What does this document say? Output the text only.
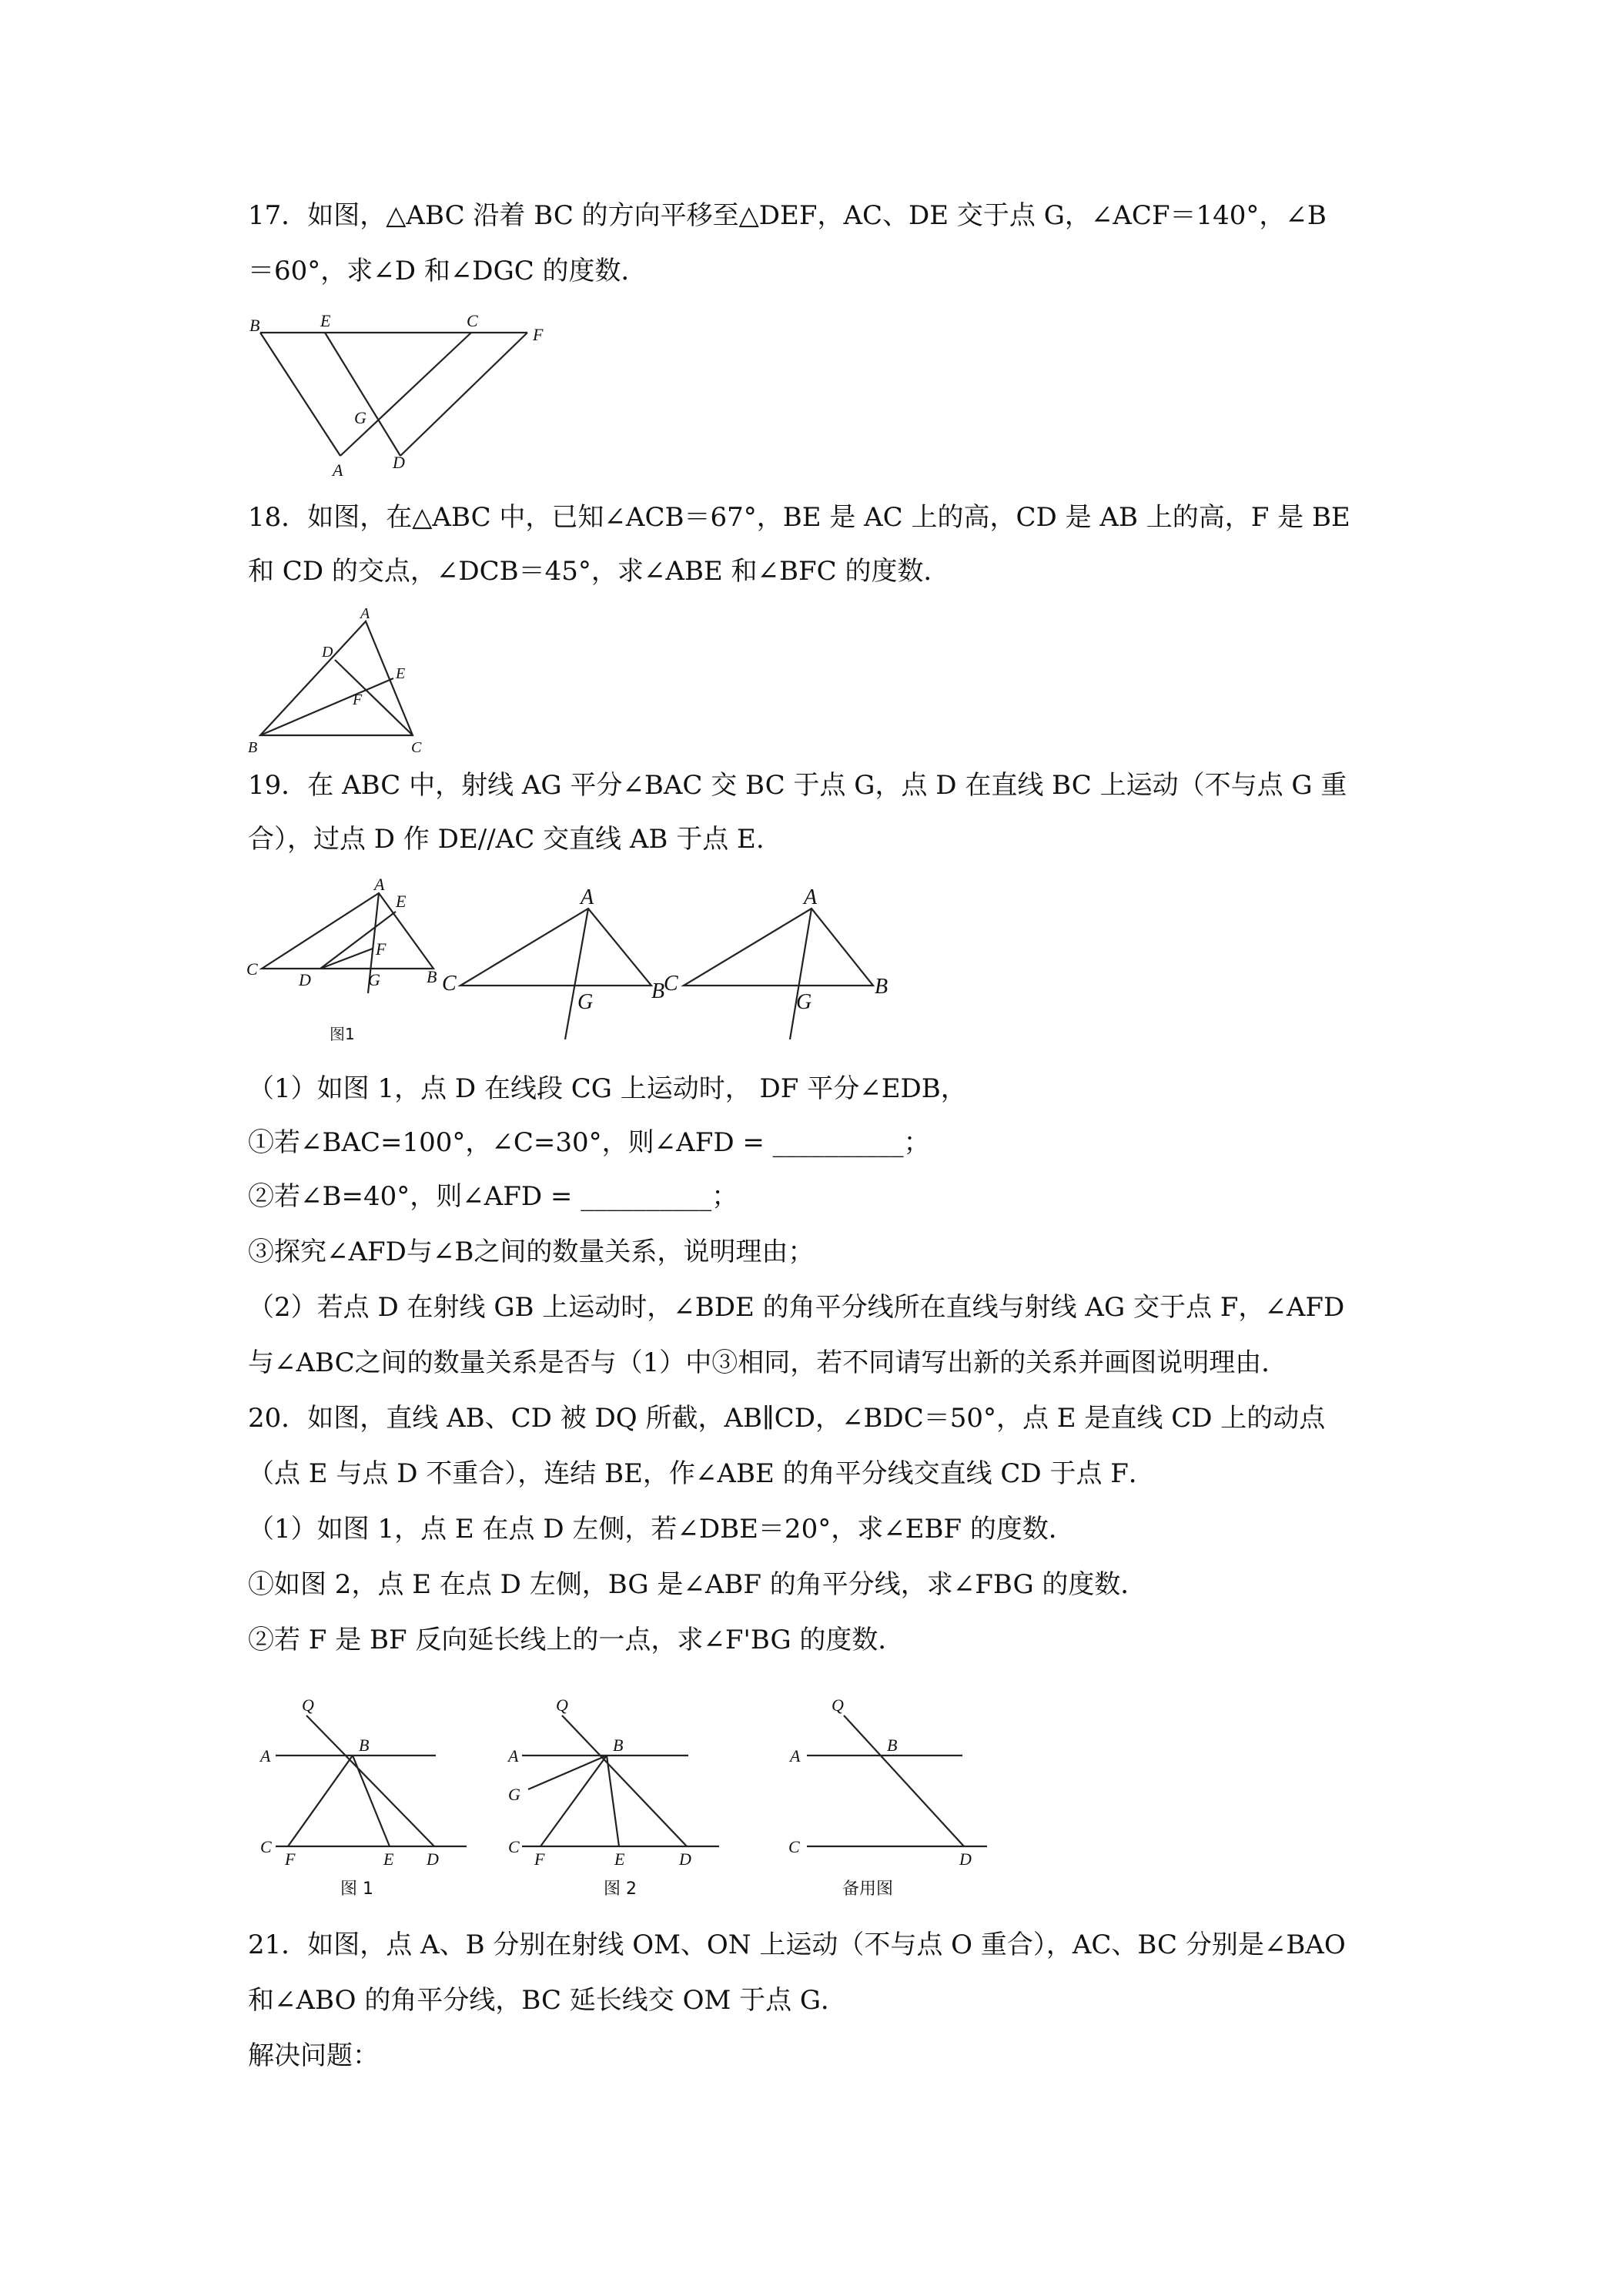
17．如图，△ABC 沿着 BC 的方向平移至△DEF，AC、DE 交于点 G，∠ACF＝140°，∠B
＝60°，求∠D 和∠DGC 的度数．
B	E	C
F
G
A	D
18．如图，在△ABC 中，已知∠ACB＝67°，BE 是 AC 上的高，CD 是 AB 上的高，F 是 BE
和 CD 的交点，∠DCB＝45°，求∠ABE 和∠BFC 的度数．
A
D
E
F
B	C
19．在 ABC 中，射线 AG 平分∠BAC 交 BC 于点 G，点 D 在直线 BC 上运动（不与点 G 重
合），过点 D 作 DE//AC 交直线 AB 于点 E.
A
E
F
C
D	G	B
图1
A
C
G	B
A
C
G
B
（1）如图 1，点 D 在线段 CG 上运动时， DF 平分∠EDB，
①若∠BAC=100°，∠C=30°，则∠AFD = __________；
②若∠B=40°，则∠AFD = __________；
③探究∠AFD与∠B之间的数量关系，说明理由；
（2）若点 D 在射线 GB 上运动时，∠BDE 的角平分线所在直线与射线 AG 交于点 F，∠AFD
与∠ABC之间的数量关系是否与（1）中③相同，若不同请写出新的关系并画图说明理由．
20．如图，直线 AB、CD 被 DQ 所截，AB∥CD，∠BDC＝50°，点 E 是直线 CD 上的动点
（点 E 与点 D 不重合），连结 BE，作∠ABE 的角平分线交直线 CD 于点 F．
（1）如图 1，点 E 在点 D 左侧，若∠DBE＝20°，求∠EBF 的度数．
①如图 2，点 E 在点 D 左侧，BG 是∠ABF 的角平分线，求∠FBG 的度数．
②若 F 是 BF 反向延长线上的一点，求∠F'BG 的度数．
Q
A
B
C
F	E D
图 1
Q
A
B
G
C
F	E	D
图 2
Q
A
B
C
D
备用图
21．如图，点 A、B 分别在射线 OM、ON 上运动（不与点 O 重合），AC、BC 分别是∠BAO
和∠ABO 的角平分线，BC 延长线交 OM 于点 G．
解决问题：
